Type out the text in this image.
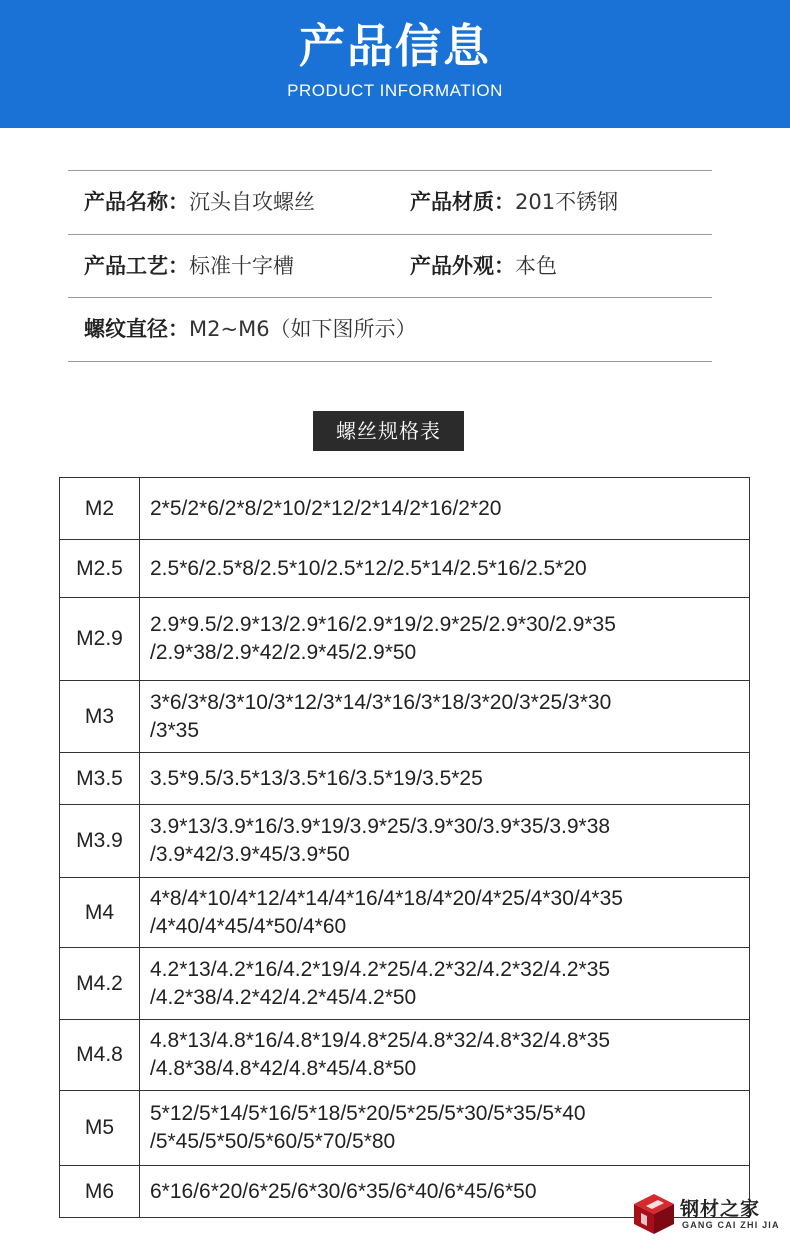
产品信息
PRODUCT INFORMATION
产品名称：沉头自攻螺丝	产品材质：201不锈钢
产品工艺：标准十字槽	产品外观：本色
螺纹直径：M2~M6（如下图所示）
螺丝规格表
M2	2*5/2*6/2*8/2*10/2*12/2*14/2*16/2*20

M2.5	2.5*6/2.5*8/2.5*10/2.5*12/2.5*14/2.5*16/2.5*20

M2.9	2.9*9.5/2.9*13/2.9*16/2.9*19/2.9*25/2.9*30/2.9*35
/2.9*38/2.9*42/2.9*45/2.9*50

M3	3*6/3*8/3*10/3*12/3*14/3*16/3*18/3*20/3*25/3*30
/3*35

M3.5	3.5*9.5/3.5*13/3.5*16/3.5*19/3.5*25

M3.9	3.9*13/3.9*16/3.9*19/3.9*25/3.9*30/3.9*35/3.9*38
/3.9*42/3.9*45/3.9*50

M4	4*8/4*10/4*12/4*14/4*16/4*18/4*20/4*25/4*30/4*35
/4*40/4*45/4*50/4*60

M4.2	4.2*13/4.2*16/4.2*19/4.2*25/4.2*32/4.2*32/4.2*35
/4.2*38/4.2*42/4.2*45/4.2*50

M4.8	4.8*13/4.8*16/4.8*19/4.8*25/4.8*32/4.8*32/4.8*35
/4.8*38/4.8*42/4.8*45/4.8*50

M5	5*12/5*14/5*16/5*18/5*20/5*25/5*30/5*35/5*40
/5*45/5*50/5*60/5*70/5*80

M6	6*16/6*20/6*25/6*30/6*35/6*40/6*45/6*50
钢材之家
GANG CAI ZHI JIA
